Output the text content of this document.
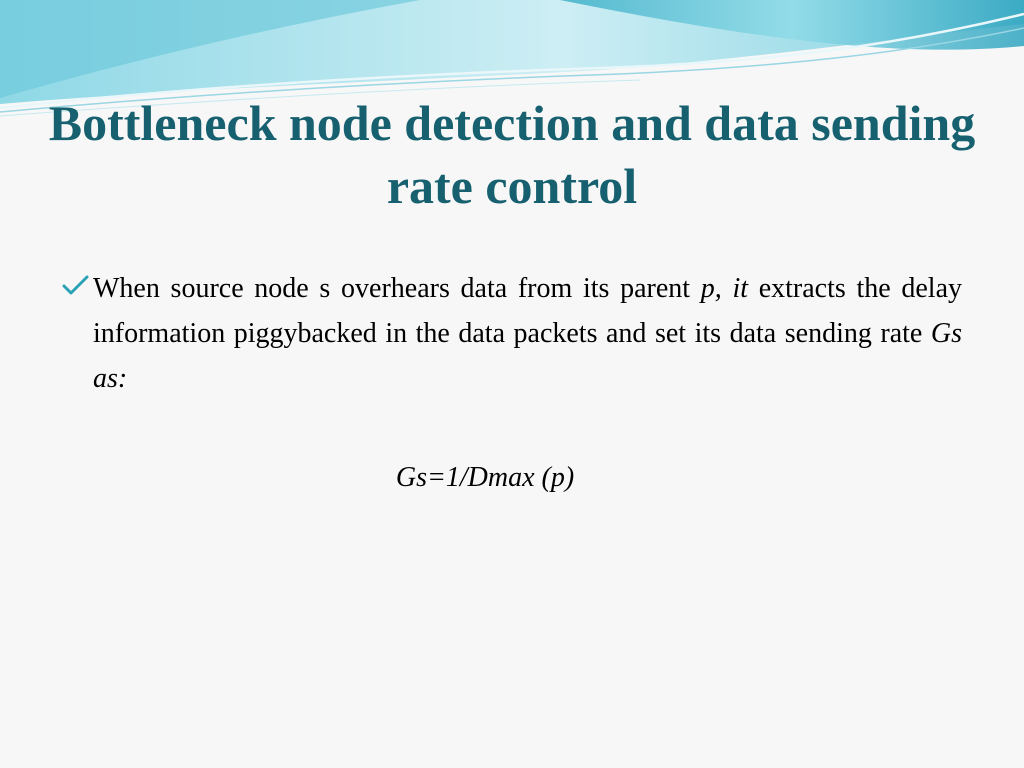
Bottleneck node detection and data sending rate control

When source node s overhears data from its parent p, it extracts the delay information piggybacked in the data packets and set its data sending rate Gs as:

Gs=1/Dmax (p)
